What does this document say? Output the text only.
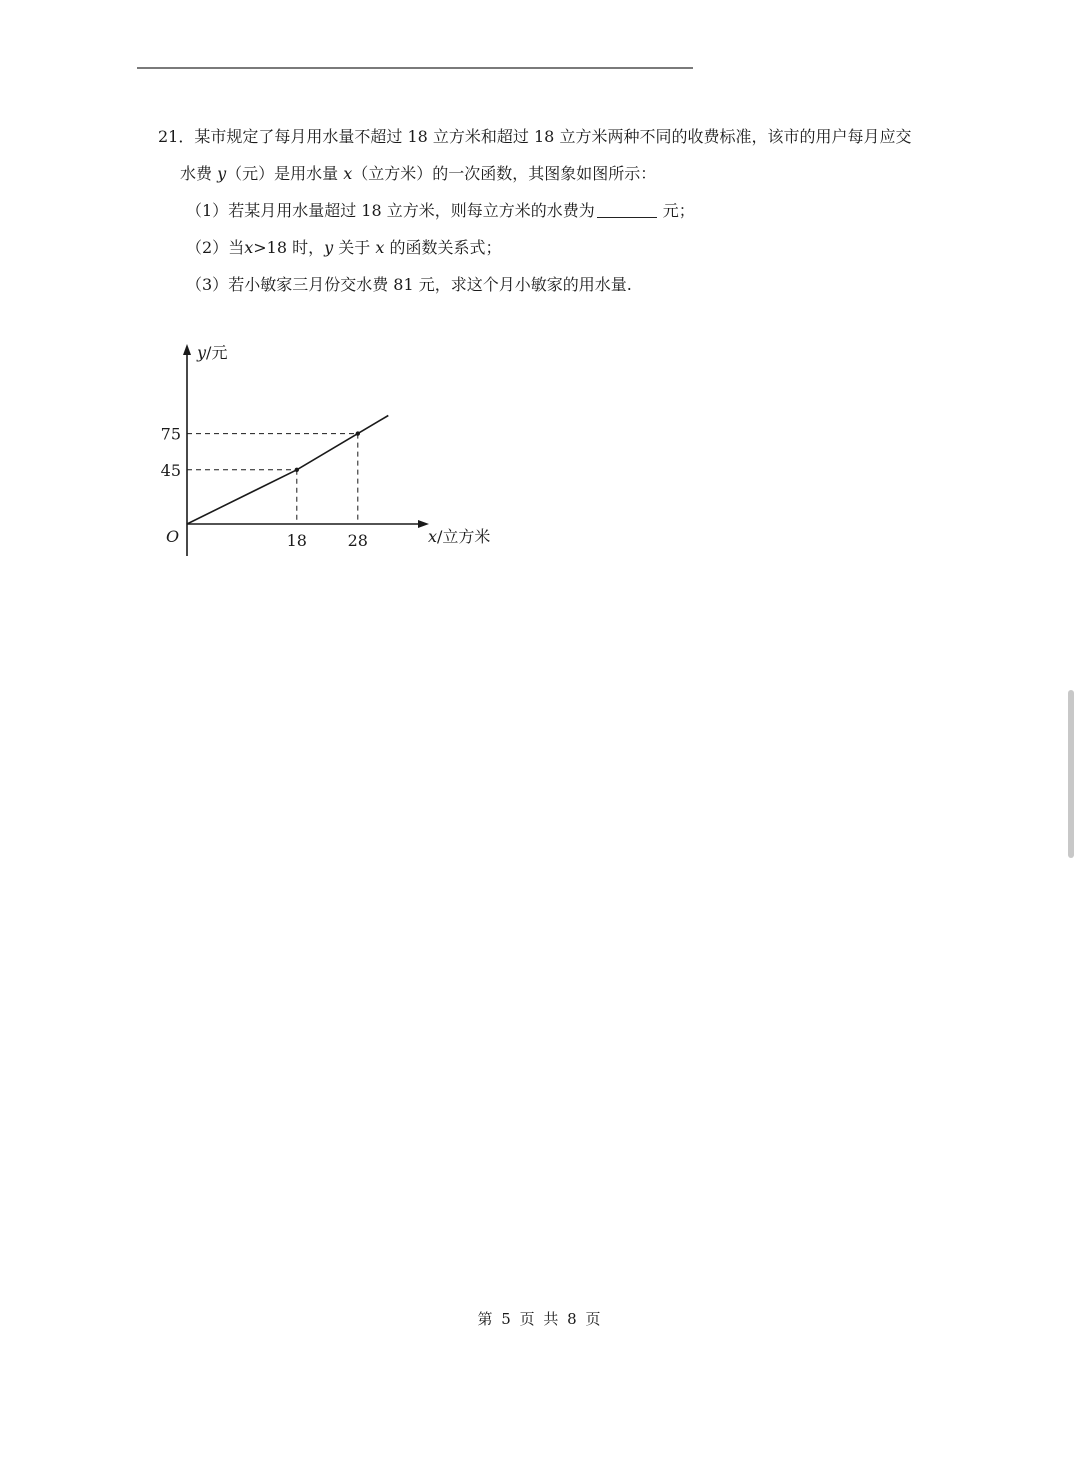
21．某市规定了每月用水量不超过 18 立方米和超过 18 立方米两种不同的收费标准，该市的用户每月应交
水费 y（元）是用水量 x（立方米）的一次函数，其图象如图所示：
（1）若某月用水量超过 18 立方米，则每立方米的水费为	元；
（2）当x>18 时，y 关于 x 的函数关系式；
（3）若小敏家三月份交水费 81 元，求这个月小敏家的用水量.
18	28
45
75
O	x/立方米
y/元
第 5 页 共 8 页
